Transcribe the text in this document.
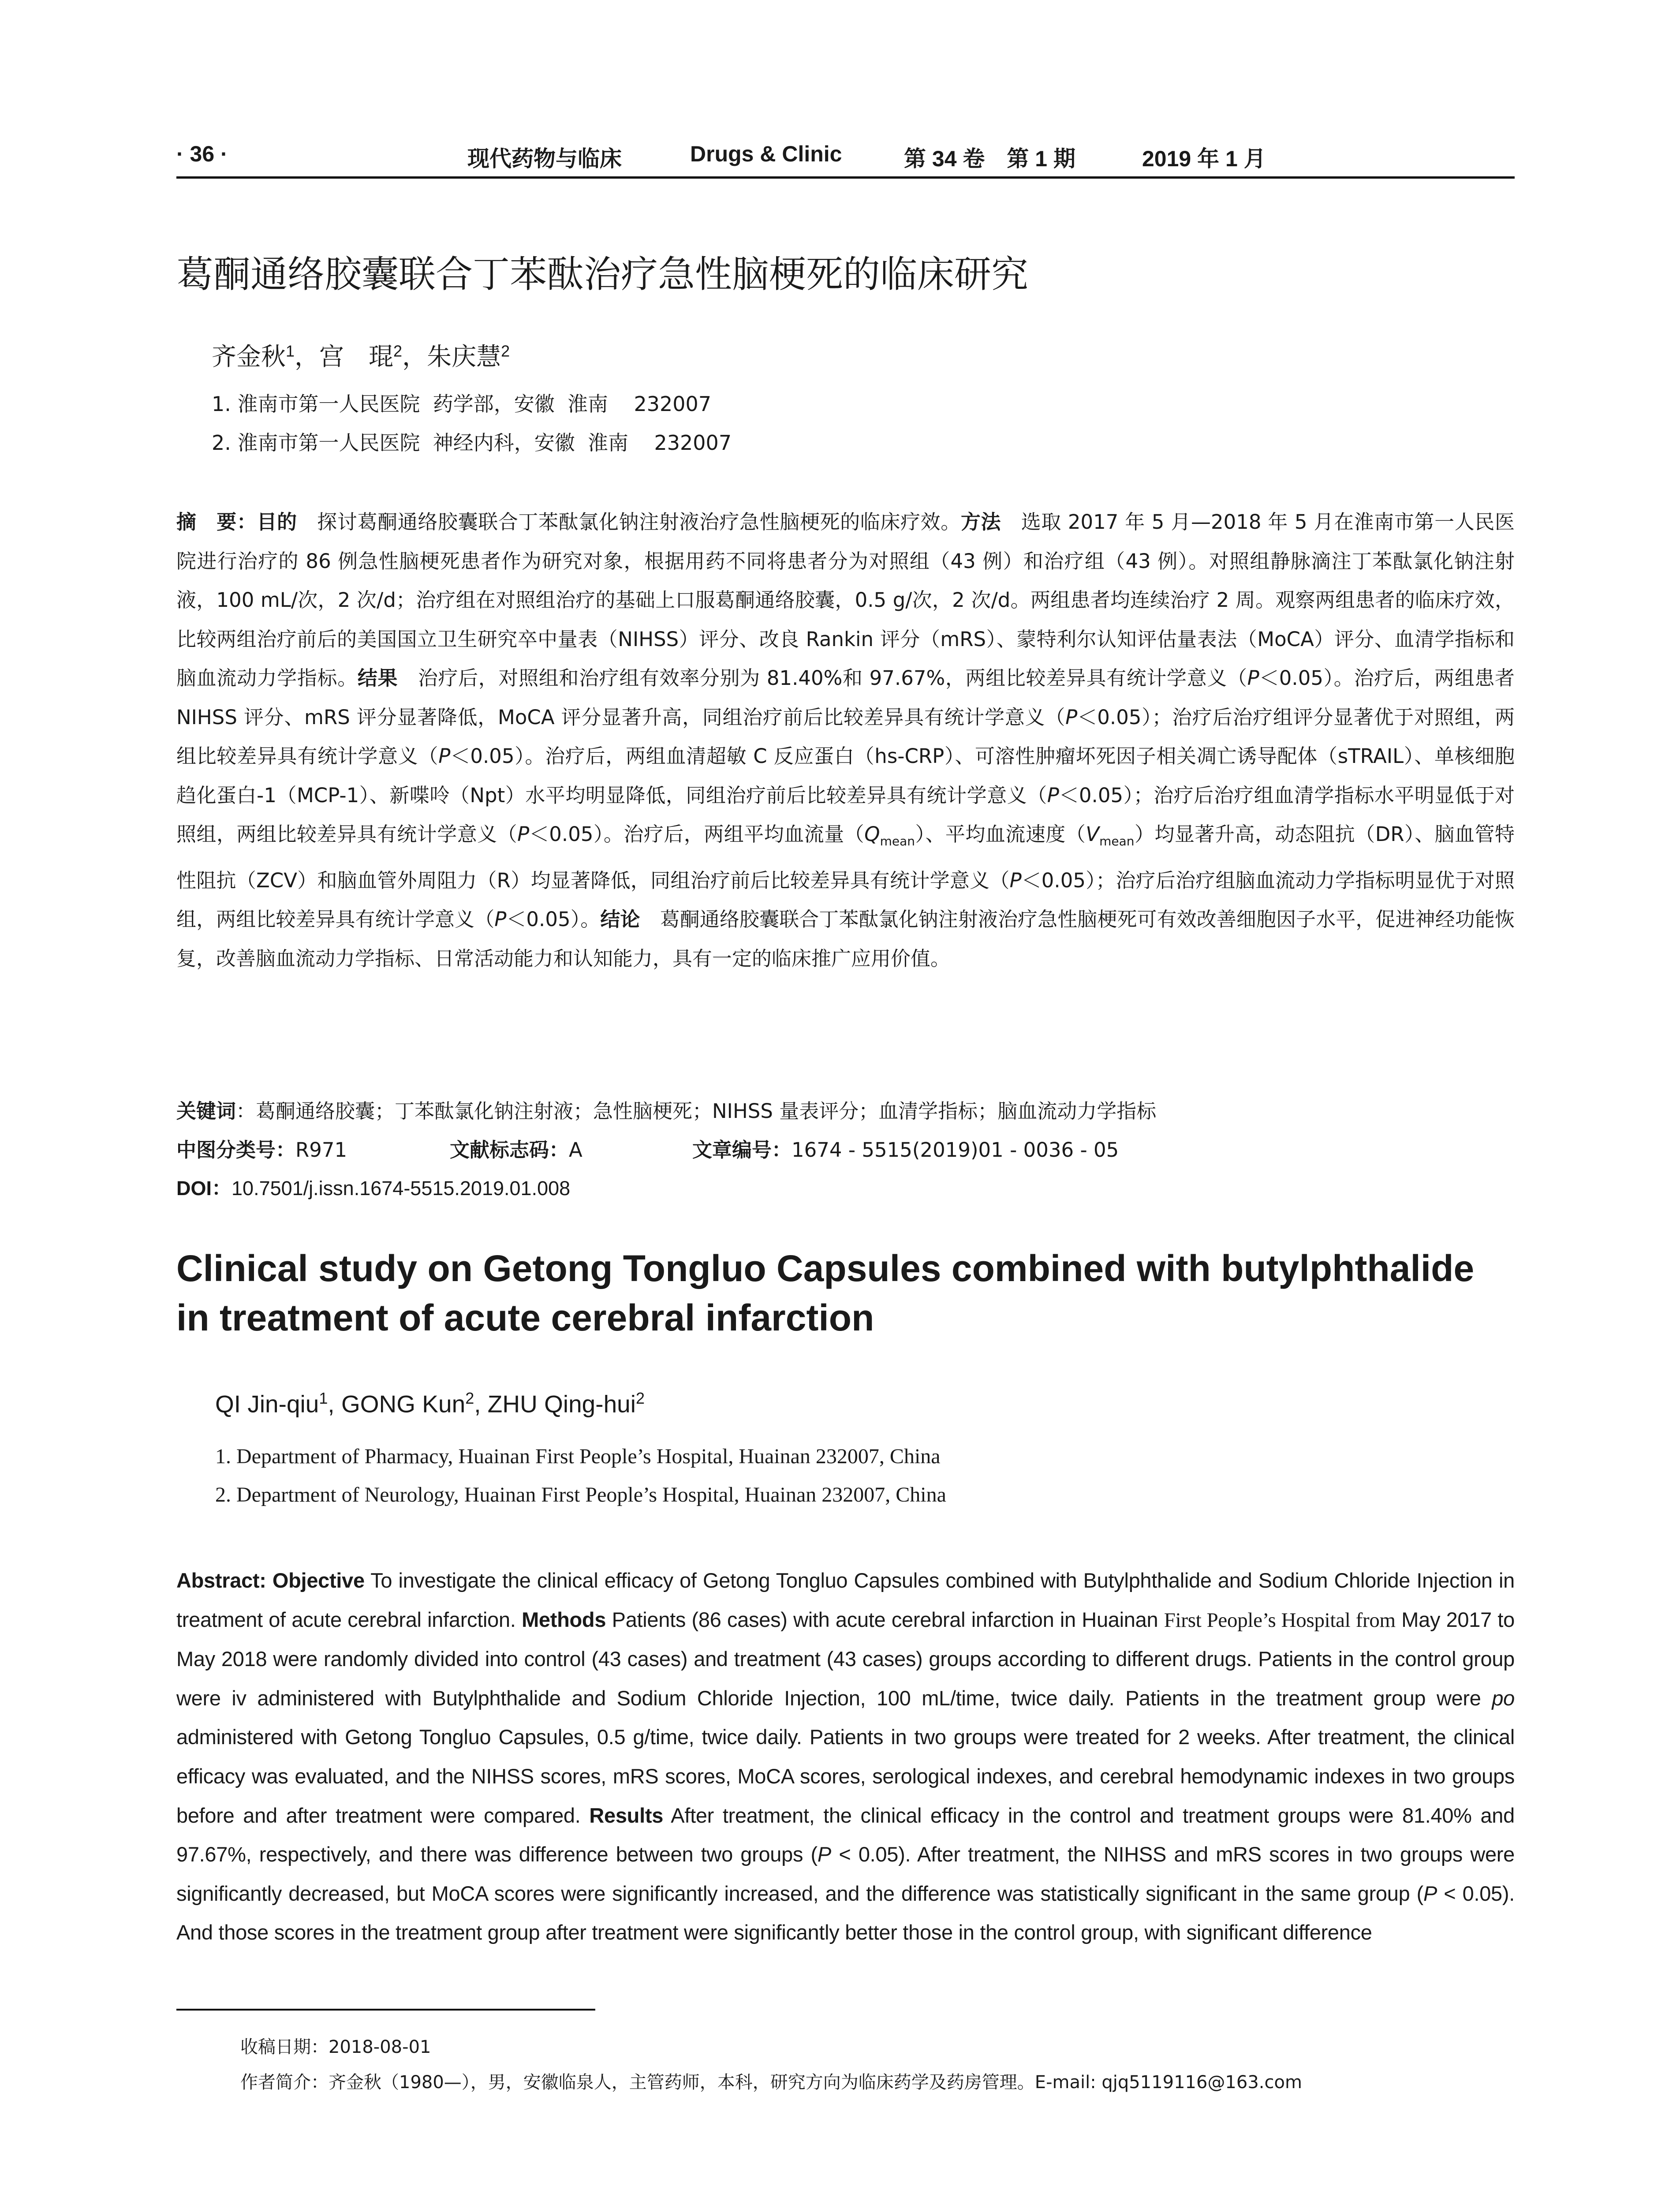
· 36 ·	现代药物与临床	Drugs & Clinic	第 34 卷　第 1 期	2019 年 1 月
葛酮通络胶囊联合丁苯酞治疗急性脑梗死的临床研究
齐金秋$^1$，宫　琨$^2$，朱庆慧$^2$
1. 淮南市第一人民医院  药学部，安徽  淮南    232007
2. 淮南市第一人民医院  神经内科，安徽  淮南    232007
摘　要：目的　探讨葛酮通络胶囊联合丁苯酞氯化钠注射液治疗急性脑梗死的临床疗效。方法　选取 2017 年 5 月—2018 年 5 月在淮南市第一人民医院进行治疗的 86 例急性脑梗死患者作为研究对象，根据用药不同将患者分为对照组（43 例）和治疗组（43 例）。对照组静脉滴注丁苯酞氯化钠注射液，100 mL/次，2 次/d；治疗组在对照组治疗的基础上口服葛酮通络胶囊，0.5 g/次，2 次/d。两组患者均连续治疗 2 周。观察两组患者的临床疗效，比较两组治疗前后的美国国立卫生研究卒中量表（NIHSS）评分、改良 Rankin 评分（mRS）、蒙特利尔认知评估量表法（MoCA）评分、血清学指标和脑血流动力学指标。结果　治疗后，对照组和治疗组有效率分别为 81.40%和 97.67%，两组比较差异具有统计学意义（P＜0.05）。治疗后，两组患者 NIHSS 评分、mRS 评分显著降低，MoCA 评分显著升高，同组治疗前后比较差异具有统计学意义（P＜0.05）；治疗后治疗组评分显著优于对照组，两组比较差异具有统计学意义（P＜0.05）。治疗后，两组血清超敏 C 反应蛋白（hs-CRP）、可溶性肿瘤坏死因子相关凋亡诱导配体（sTRAIL）、单核细胞趋化蛋白-1（MCP-1）、新喋呤（Npt）水平均明显降低，同组治疗前后比较差异具有统计学意义（P＜0.05）；治疗后治疗组血清学指标水平明显低于对照组，两组比较差异具有统计学意义（P＜0.05）。治疗后，两组平均血流量$(Q_{mean})$、平均血流速度$(V_{mean})$均显著升高，动态阻抗（DR）、脑血管特性阻抗（ZCV）和脑血管外周阻力（R）均显著降低，同组治疗前后比较差异具有统计学意义（P＜0.05）；治疗后治疗组脑血流动力学指标明显优于对照组，两组比较差异具有统计学意义（P＜0.05）。结论　葛酮通络胶囊联合丁苯酞氯化钠注射液治疗急性脑梗死可有效改善细胞因子水平，促进神经功能恢复，改善脑血流动力学指标、日常活动能力和认知能力，具有一定的临床推广应用价值。
关键词：葛酮通络胶囊；丁苯酞氯化钠注射液；急性脑梗死；NIHSS 量表评分；血清学指标；脑血流动力学指标

中图分类号： R971

	文献标志码： A

	文章编号： 1674 - 5515(2019)01 - 0036 - 05

DOI：10.7501/j.issn.1674-5515.2019.01.008
Clinical study on Getong Tongluo Capsules combined with butylphthalide in treatment of acute cerebral infarction
QI Jin-qiu$^1$, GONG Kun$^2$, ZHU Qing-hui$^2$
1. Department of Pharmacy, Huainan First People’s Hospital, Huainan 232007, China
2. Department of Neurology, Huainan First People’s Hospital, Huainan 232007, China
Abstract: Objective To investigate the clinical efficacy of Getong Tongluo Capsules combined with Butylphthalide and Sodium Chloride Injection in treatment of acute cerebral infarction. Methods Patients (86 cases) with acute cerebral infarction in Huainan First People’s Hospital from May 2017 to May 2018 were randomly divided into control (43 cases) and treatment (43 cases) groups according to different drugs. Patients in the control group were iv administered with Butylphthalide and Sodium Chloride Injection, 100 mL/time, twice daily. Patients in the treatment group were po administered with Getong Tongluo Capsules, 0.5 g/time, twice daily. Patients in two groups were treated for 2 weeks. After treatment, the clinical efficacy was evaluated, and the NIHSS scores, mRS scores, MoCA scores, serological indexes, and cerebral hemodynamic indexes in two groups before and after treatment were compared. Results After treatment, the clinical efficacy in the control and treatment groups were 81.40% and 97.67%, respectively, and there was difference between two groups (P < 0.05). After treatment, the NIHSS and mRS scores in two groups were significantly decreased, but MoCA scores were significantly increased, and the difference was statistically significant in the same group (P < 0.05). And those scores in the treatment group after treatment were significantly better those in the control group, with significant difference
收稿日期：2018-08-01
作者简介：齐金秋（1980—），男，安徽临泉人，主管药师，本科，研究方向为临床药学及药房管理。E-mail: qjq5119116@163.com
